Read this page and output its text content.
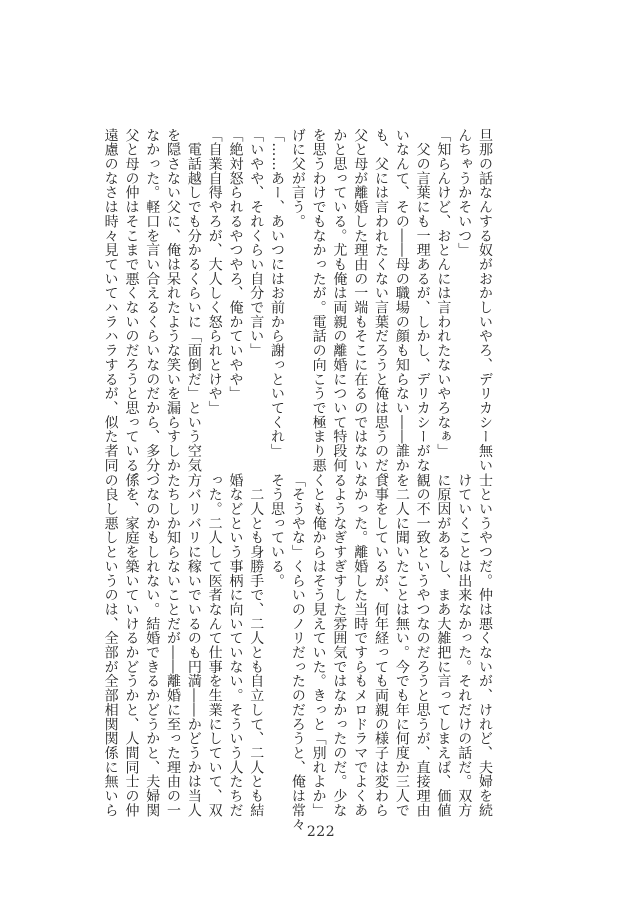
旦那の話なんする奴がおかしいやろ、デリカシー無い

んちゃうかそいつ」

「知らんけど、おとんには言われたないやろなぁ」

　父の言葉にも一理あるが、しかし、デリカシーがな

いなんて、その――母の職場の顔も知らない――誰か

も、父には言われたくない言葉だろうと俺は思うのだ。

父と母が離婚した理由の一端もそこに在るのではない

かと思っている。尤も俺は両親の離婚について特段何

を思うわけでもなかったが。電話の向こうで極まり悪

げに父が言う。

「……あー、あいつにはお前から謝っといてくれ」

「いやや、それくらい自分で言い」

「絶対怒られるやつやろ、俺かていやや」

「自業自得やろが、大人しく怒られとけや」

　電話越しでも分かるくらいに「面倒だ」という空気

を隠さない父に、俺は呆れたような笑いを漏らすしか

なかった。軽口を言い合えるくらいなのだから、多分、

父と母の仲はそこまで悪くないのだろうと思っている。

遠慮のなさは時々見ていてハラハラするが、似た者同

士というやつだ。仲は悪くないが、けれど、夫婦を続

けていくことは出来なかった。それだけの話だ。双方

に原因があるし、まあ大雑把に言ってしまえば、価値

観の不一致というやつなのだろうと思うが、直接理由

を二人に聞いたことは無い。今でも年に何度か三人で

食事をしているが、何年経っても両親の様子は変わら

なかった。離婚した当時ですらもメロドラマでよくあ

るようなぎすぎすした雰囲気ではなかったのだ。少な

くとも俺からはそう見えていた。きっと「別れよか」

「そうやな」くらいのノリだったのだろうと、俺は常々

そう思っている。

　二人とも身勝手で、二人とも自立して、二人とも結

婚などという事柄に向いていない。そういう人たちだ

った。二人して医者なんて仕事を生業にしていて、双

方バリバリに稼いでいるのも円満――かどうかは当人

たちしか知らないことだが――離婚に至った理由の一

つなのかもしれない。結婚できるかどうかと、夫婦関

係を、家庭を築いていけるかどうかと、人間同士の仲

の良し悪しというのは、全部が全部相関関係に無いら

222
